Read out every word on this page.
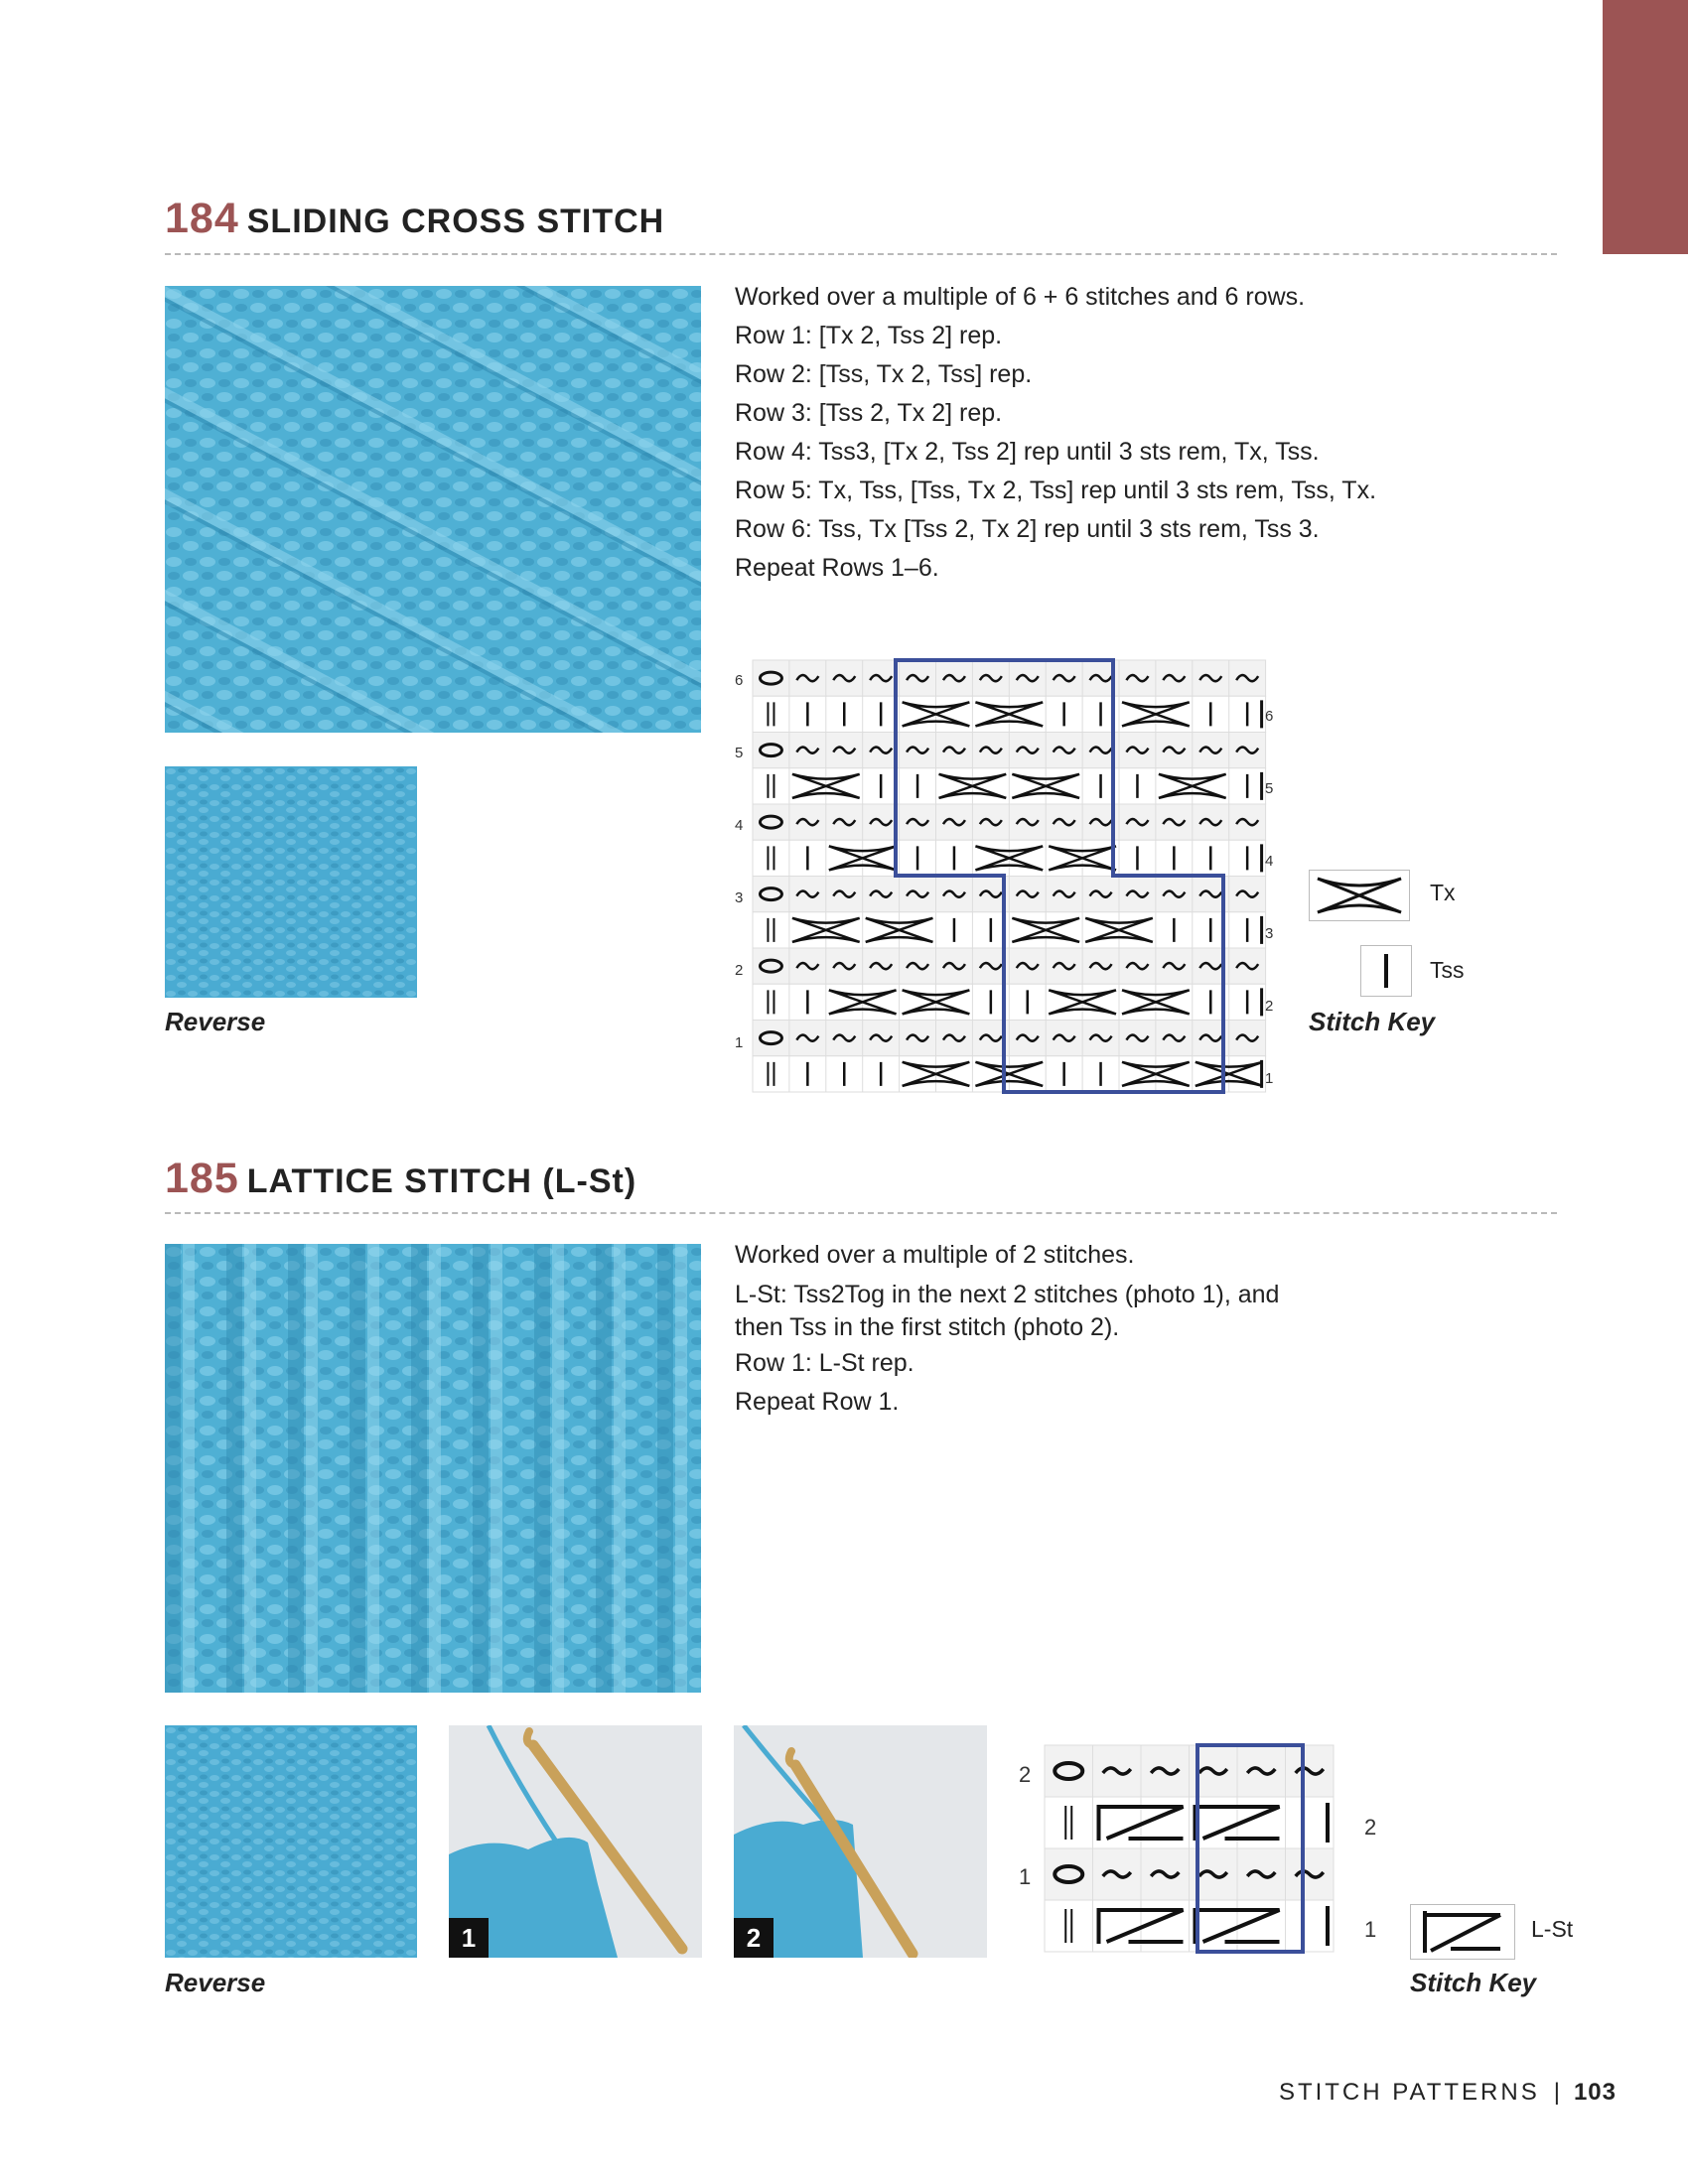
184 SLIDING CROSS STITCH
Reverse
Worked over a multiple of 6 + 6 stitches and 6 rows.
Row 1: [Tx 2, Tss 2] rep.
Row 2: [Tss, Tx 2, Tss] rep.
Row 3: [Tss 2, Tx 2] rep.
Row 4: Tss3, [Tx 2, Tss 2] rep until 3 sts rem, Tx, Tss.
Row 5: Tx, Tss, [Tss, Tx 2, Tss] rep until 3 sts rem, Tss, Tx.
Row 6: Tss, Tx [Tss 2, Tx 2] rep until 3 sts rem, Tss 3.
Repeat Rows 1–6.
6
5
4
3
2
1
6
5
4
3
2
1
Tx
Tss
Stitch Key
185 LATTICE STITCH (L-St)
Worked over a multiple of 2 stitches.
L-St: Tss2Tog in the next 2 stitches (photo 1), and
then Tss in the first stitch (photo 2).
Row 1: L-St rep.
Repeat Row 1.
Reverse
1	2
2
1
2
1	L-St
Stitch Key
STITCH PATTERNS | 103
